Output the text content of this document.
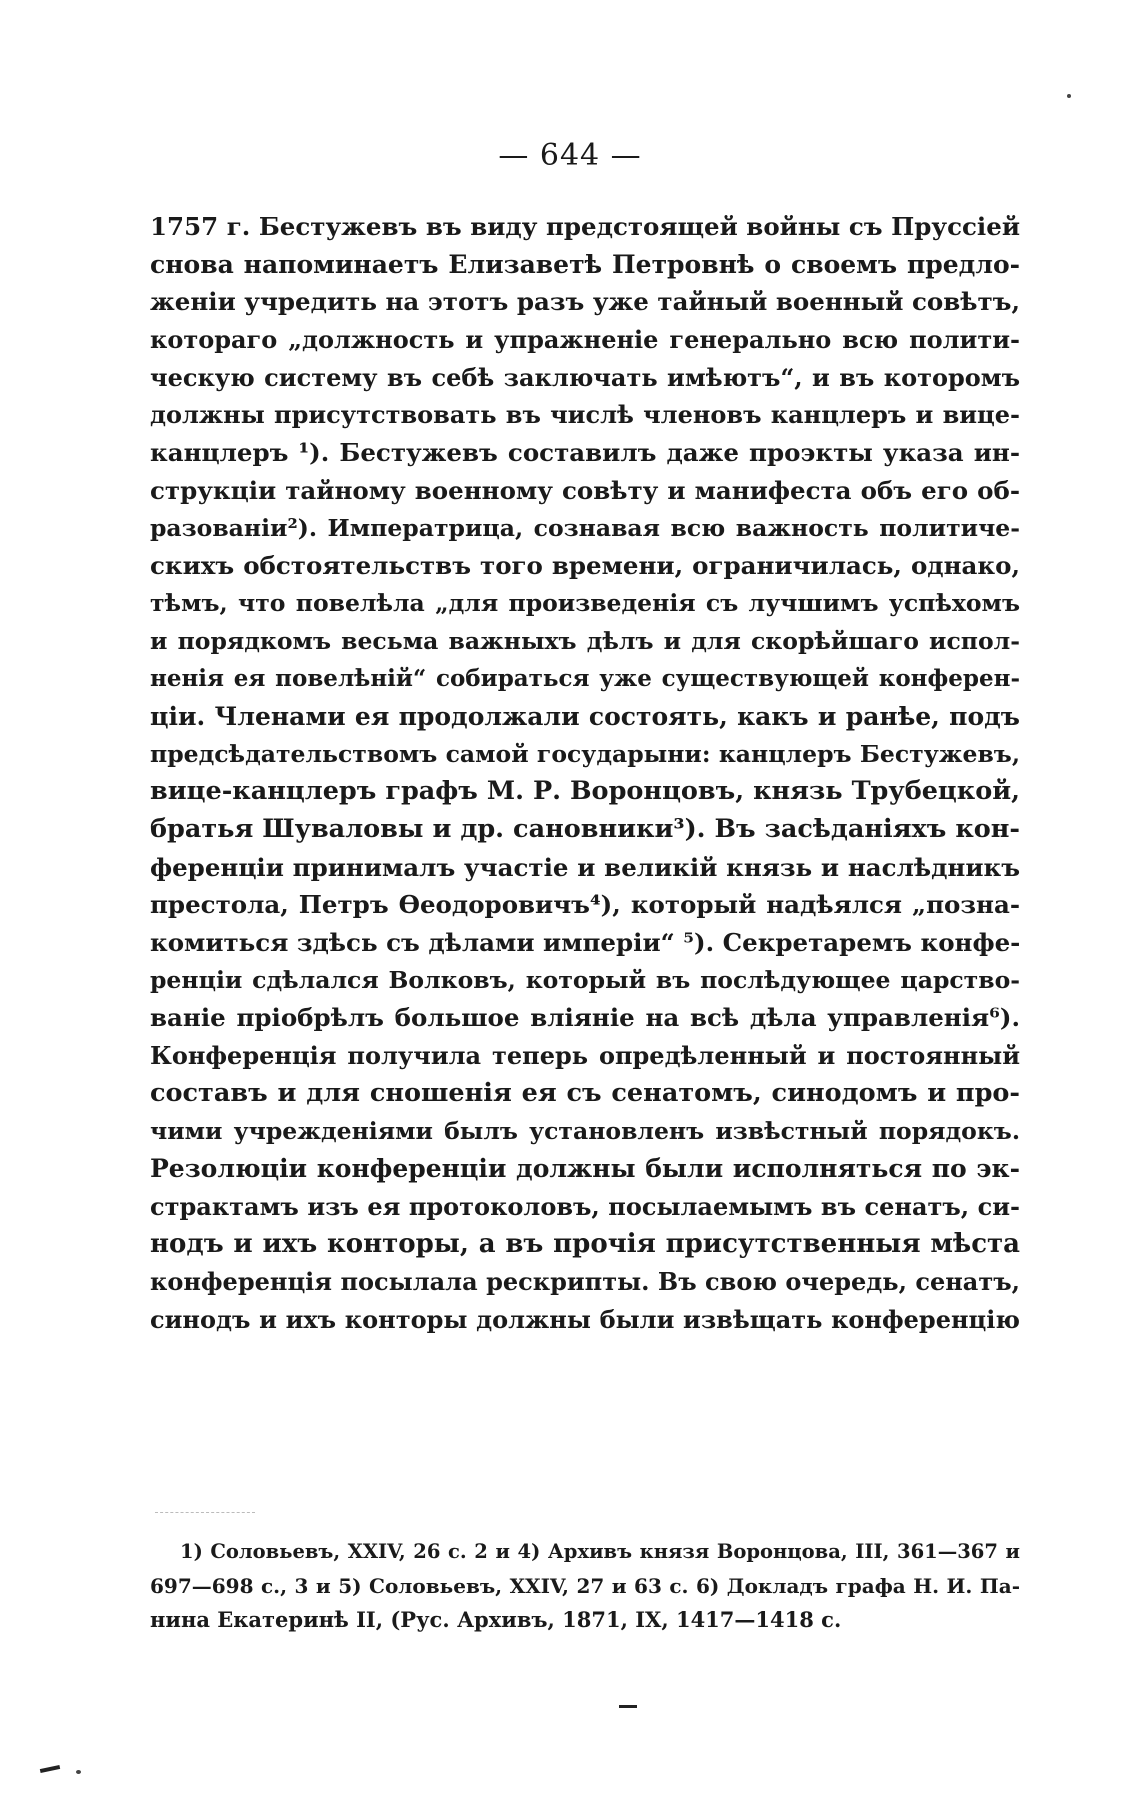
— 644 —
1757 г. Бестужевъ въ виду предстоящей войны съ Пруссіей
снова напоминаетъ Елизаветѣ Петровнѣ о своемъ предло-
женіи учредить на этотъ разъ уже тайный военный совѣтъ,
котораго „должность и упражненіе генерально всю полити-
ческую систему въ себѣ заключать имѣютъ“, и въ которомъ
должны присутствовать въ числѣ членовъ канцлеръ и вице-
канцлеръ ¹). Бестужевъ составилъ даже проэкты указа ин-
струкціи тайному военному совѣту и манифеста объ его об-
разованіи²). Императрица, сознавая всю важность политиче-
скихъ обстоятельствъ того времени, ограничилась, однако,
тѣмъ, что повелѣла „для произведенія съ лучшимъ успѣхомъ
и порядкомъ весьма важныхъ дѣлъ и для скорѣйшаго испол-
ненія ея повелѣній“ собираться уже существующей конферен-
ціи. Членами ея продолжали состоять, какъ и ранѣе, подъ
предсѣдательствомъ самой государыни: канцлеръ Бестужевъ,
вице-канцлеръ графъ М. Р. Воронцовъ, князь Трубецкой,
братья Шуваловы и др. сановники³). Въ засѣданіяхъ кон-
ференціи принималъ участіе и великій князь и наслѣдникъ
престола, Петръ Ѳеодоровичъ⁴), который надѣялся „позна-
комиться здѣсь съ дѣлами имперіи“ ⁵). Секретаремъ конфе-
ренціи сдѣлался Волковъ, который въ послѣдующее царство-
ваніе пріобрѣлъ большое вліяніе на всѣ дѣла управленія⁶).
Конференція получила теперь опредѣленный и постоянный
составъ и для сношенія ея съ сенатомъ, синодомъ и про-
чими учрежденіями былъ установленъ извѣстный порядокъ.
Резолюціи конференціи должны были исполняться по эк-
страктамъ изъ ея протоколовъ, посылаемымъ въ сенатъ, си-
нодъ и ихъ конторы, а въ прочія присутственныя мѣста
конференція посылала рескрипты. Въ свою очередь, сенатъ,
синодъ и ихъ конторы должны были извѣщать конференцію
1) Соловьевъ, XXIV, 26 с. 2 и 4) Архивъ князя Воронцова, III, 361—367 и
697—698 с., 3 и 5) Соловьевъ, XXIV, 27 и 63 с. 6) Докладъ графа Н. И. Па-
нина Екатеринѣ II, (Рус. Архивъ, 1871, IX, 1417—1418 с.
